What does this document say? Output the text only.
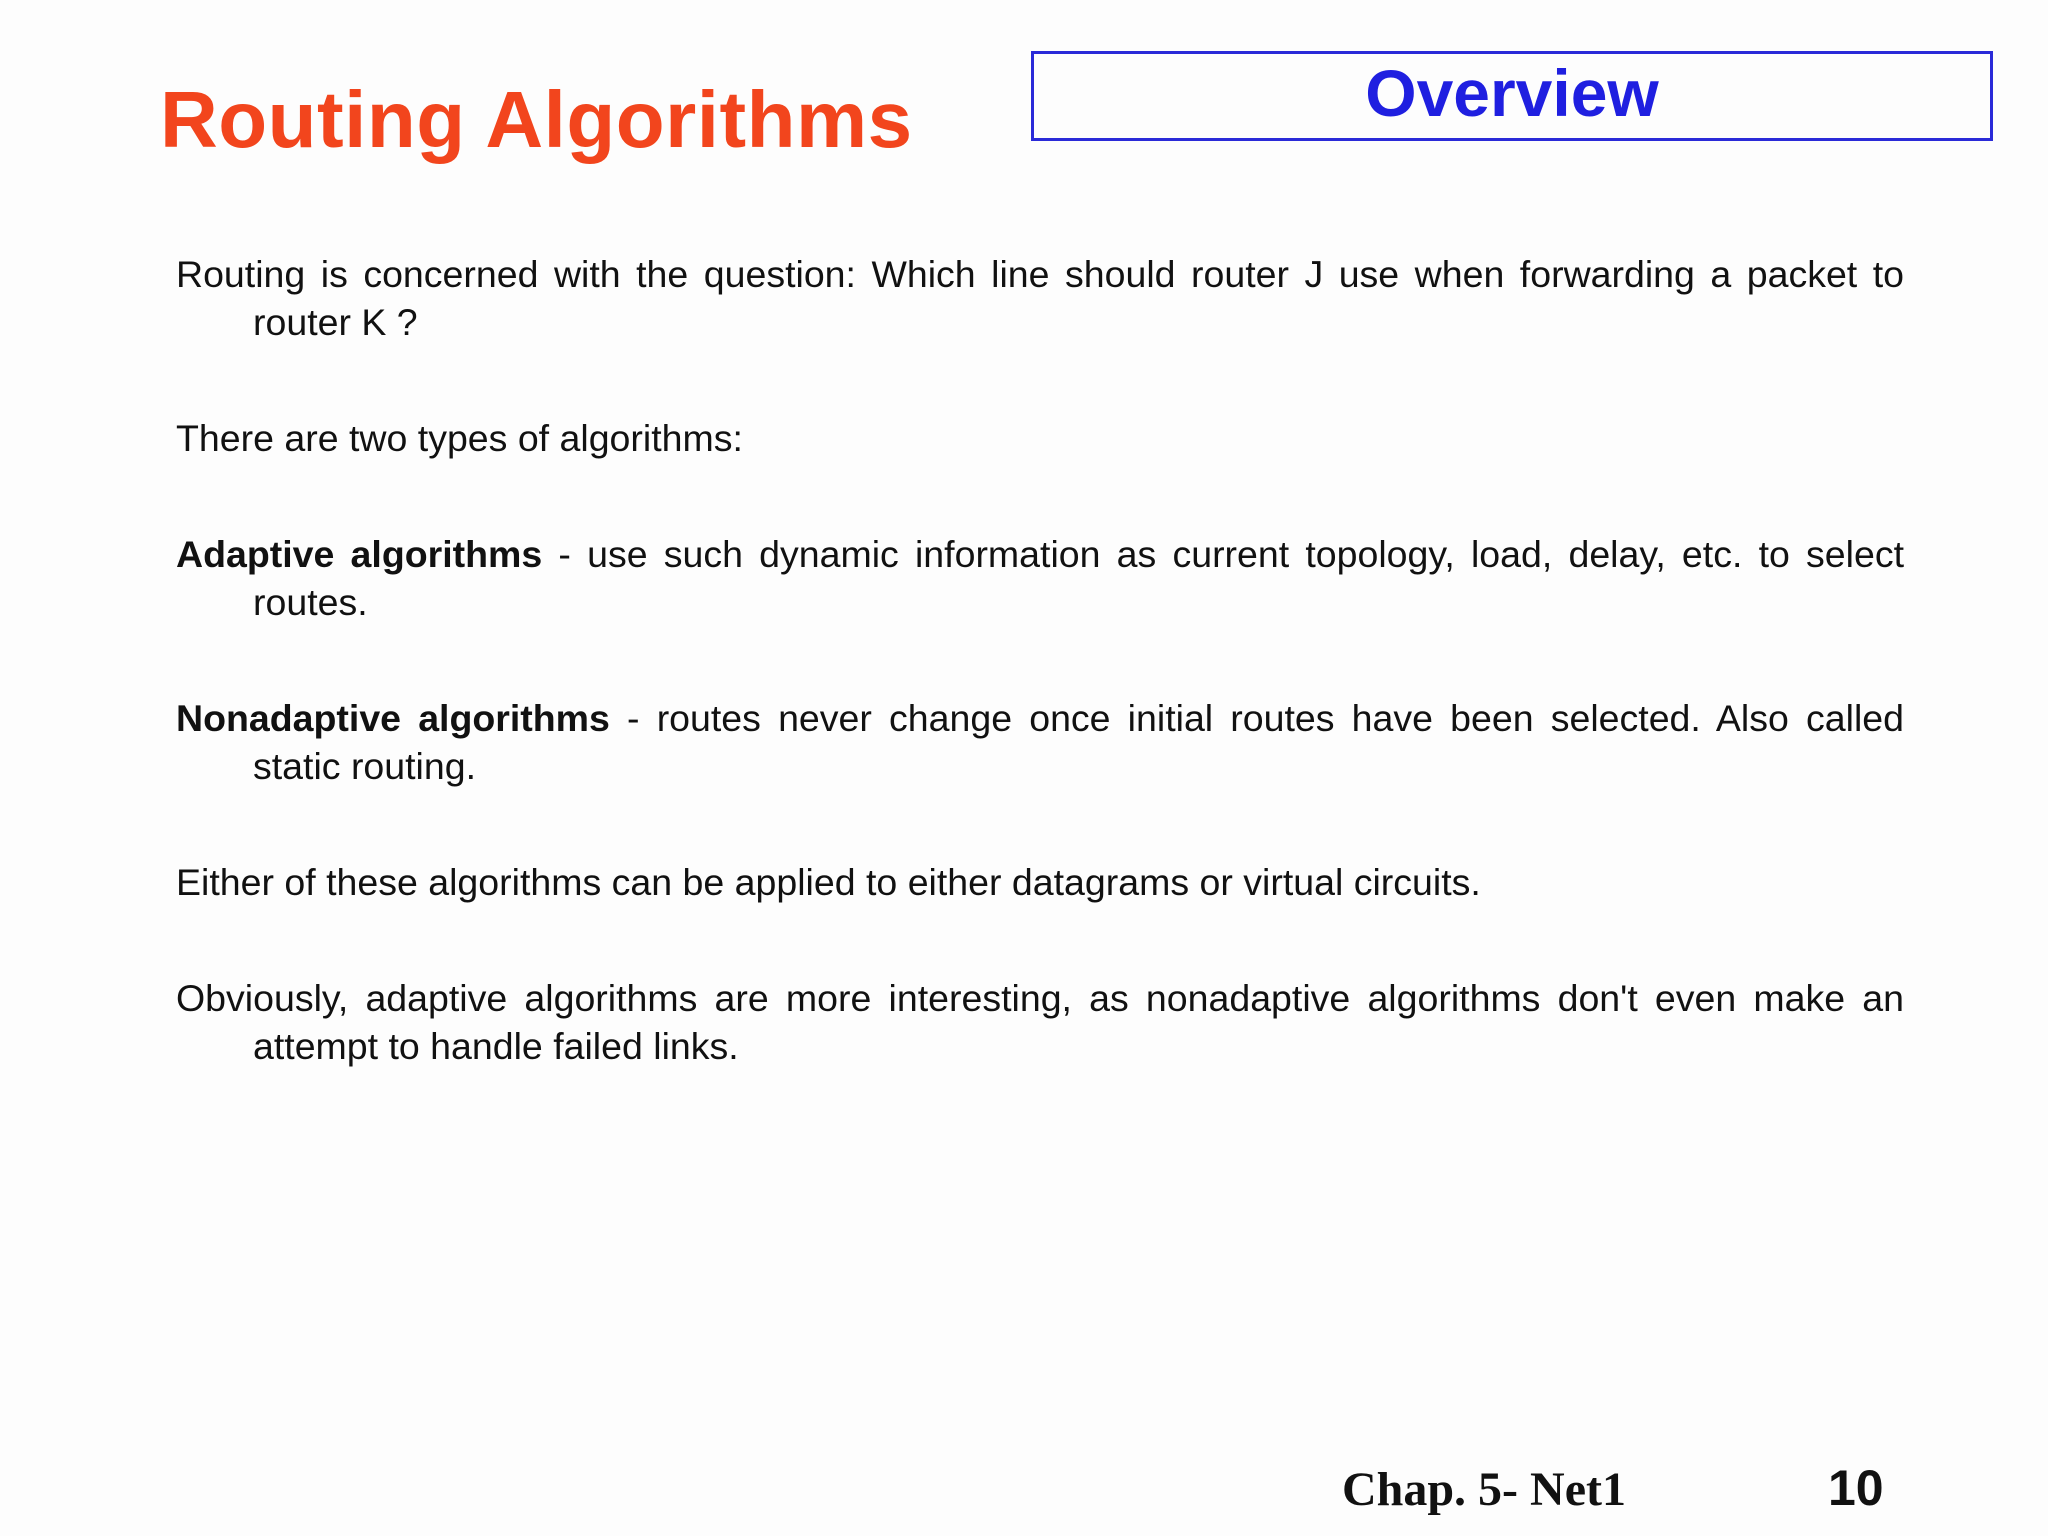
Routing Algorithms	Overview

Routing is concerned with the question: Which line should router J use when forwarding a packet to router K ?

There are two types of algorithms:

Adaptive algorithms - use such dynamic information as current topology, load, delay, etc. to select routes.

Nonadaptive algorithms - routes never change once initial routes have been selected. Also called static routing.

Either of these algorithms can be applied to either datagrams or virtual circuits.

Obviously, adaptive algorithms are more interesting, as nonadaptive algorithms don't even make an attempt to handle failed links.

Chap. 5- Net1	10
